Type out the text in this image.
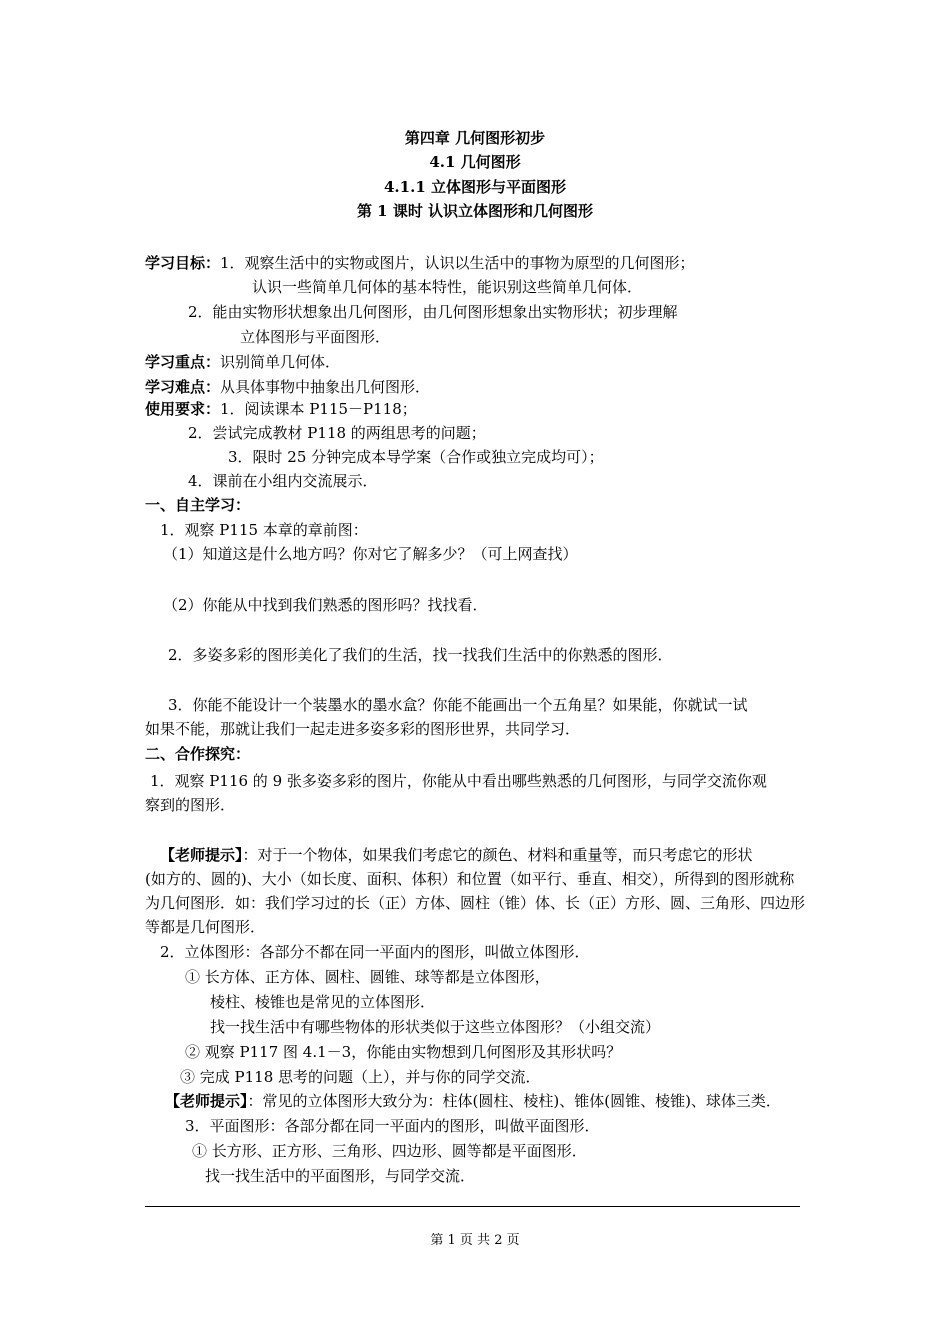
第四章 几何图形初步
4.1 几何图形
4.1.1 立体图形与平面图形
第 1 课时 认识立体图形和几何图形
学习目标：1．观察生活中的实物或图片，认识以生活中的事物为原型的几何图形；
认识一些简单几何体的基本特性，能识别这些简单几何体．
2．能由实物形状想象出几何图形，由几何图形想象出实物形状；初步理解
立体图形与平面图形．
学习重点：识别简单几何体．
学习难点：从具体事物中抽象出几何图形．
使用要求：1．阅读课本 P115－P118；
2．尝试完成教材 P118 的两组思考的问题；
3．限时 25 分钟完成本导学案（合作或独立完成均可）；
4．课前在小组内交流展示．
一、自主学习：
1．观察 P115 本章的章前图：
（1）知道这是什么地方吗？你对它了解多少？（可上网查找）
（2）你能从中找到我们熟悉的图形吗？找找看．
2．多姿多彩的图形美化了我们的生活，找一找我们生活中的你熟悉的图形．
3．你能不能设计一个装墨水的墨水盒？你能不能画出一个五角星？如果能，你就试一试
如果不能，那就让我们一起走进多姿多彩的图形世界，共同学习．
二、合作探究：
1．观察 P116 的 9 张多姿多彩的图片，你能从中看出哪些熟悉的几何图形，与同学交流你观
察到的图形．
【老师提示】：对于一个物体，如果我们考虑它的颜色、材料和重量等，而只考虑它的形状
(如方的、圆的)、大小（如长度、面积、体积）和位置（如平行、垂直、相交），所得到的图形就称
为几何图形．如：我们学习过的长（正）方体、圆柱（锥）体、长（正）方形、圆、三角形、四边形
等都是几何图形．
2．立体图形：各部分不都在同一平面内的图形，叫做立体图形．
① 长方体、正方体、圆柱、圆锥、球等都是立体图形，
棱柱、棱锥也是常见的立体图形．
找一找生活中有哪些物体的形状类似于这些立体图形？（小组交流）
② 观察 P117 图 4.1－3，你能由实物想到几何图形及其形状吗？
③ 完成 P118 思考的问题（上），并与你的同学交流．
【老师提示】：常见的立体图形大致分为：柱体(圆柱、棱柱)、锥体(圆锥、棱锥)、球体三类．
3．平面图形：各部分都在同一平面内的图形，叫做平面图形．
① 长方形、正方形、三角形、四边形、圆等都是平面图形．
找一找生活中的平面图形，与同学交流．
第 1 页 共 2 页
